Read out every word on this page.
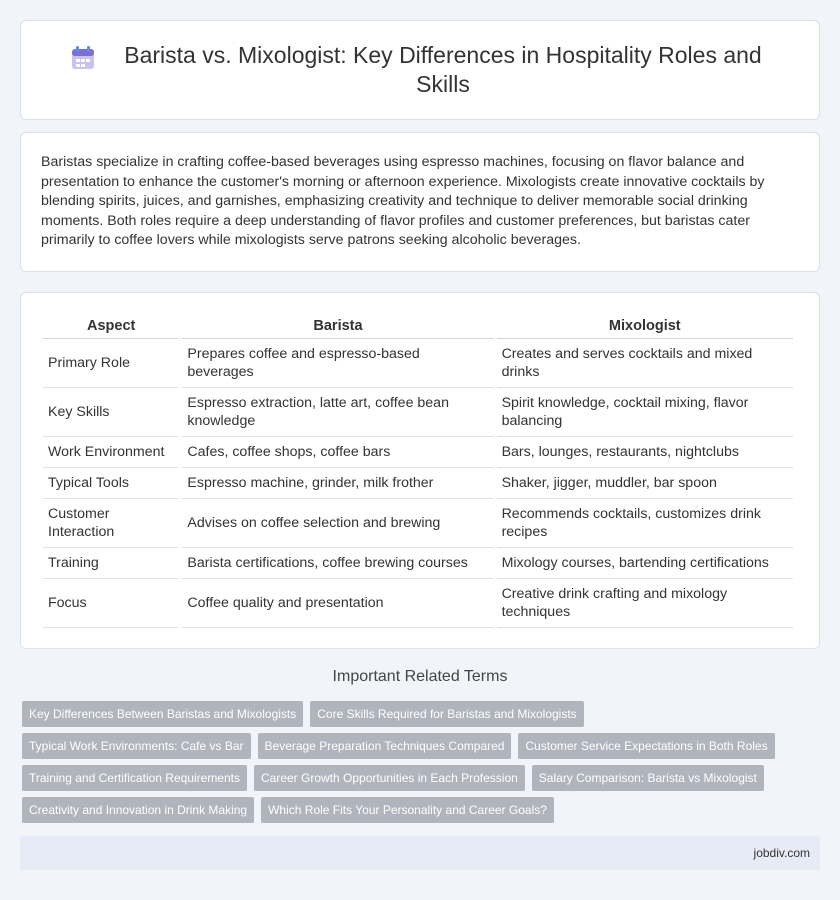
Barista vs. Mixologist: Key Differences in Hospitality Roles and Skills

Baristas specialize in crafting coffee-based beverages using espresso machines, focusing on flavor balance and presentation to enhance the customer's morning or afternoon experience. Mixologists create innovative cocktails by blending spirits, juices, and garnishes, emphasizing creativity and technique to deliver memorable social drinking moments. Both roles require a deep understanding of flavor profiles and customer preferences, but baristas cater primarily to coffee lovers while mixologists serve patrons seeking alcoholic beverages.

Aspect	Barista	Mixologist
Primary Role	Prepares coffee and espresso-based beverages	Creates and serves cocktails and mixed drinks
Key Skills	Espresso extraction, latte art, coffee bean knowledge	Spirit knowledge, cocktail mixing, flavor balancing
Work Environment	Cafes, coffee shops, coffee bars	Bars, lounges, restaurants, nightclubs
Typical Tools	Espresso machine, grinder, milk frother	Shaker, jigger, muddler, bar spoon
Customer Interaction	Advises on coffee selection and brewing	Recommends cocktails, customizes drink recipes
Training	Barista certifications, coffee brewing courses	Mixology courses, bartending certifications
Focus	Coffee quality and presentation	Creative drink crafting and mixology techniques
Important Related Terms
Key Differences Between Baristas and Mixologists	Core Skills Required for Baristas and Mixologists
Typical Work Environments: Cafe vs Bar	Beverage Preparation Techniques Compared	Customer Service Expectations in Both Roles
Training and Certification Requirements	Career Growth Opportunities in Each Profession	Salary Comparison: Barista vs Mixologist
Creativity and Innovation in Drink Making	Which Role Fits Your Personality and Career Goals?
jobdiv.com
